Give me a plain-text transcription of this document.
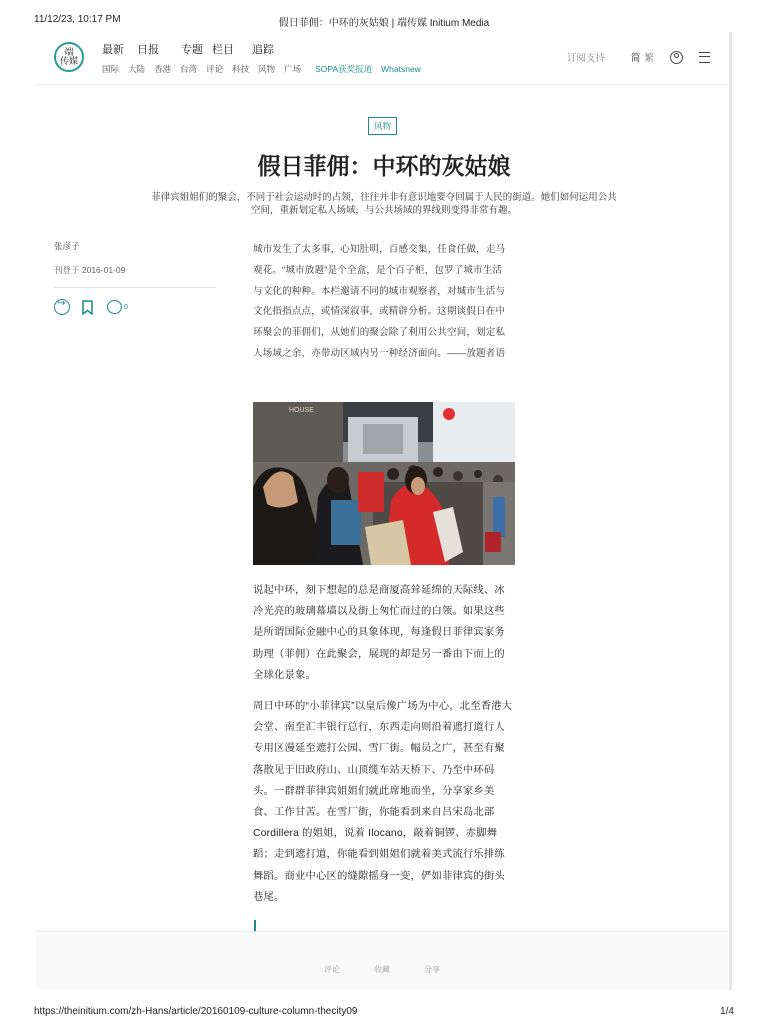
11/12/23, 10:17 PM	假日菲佣：中环的灰姑娘 | 端传媒 Initium Media
端
传媒
最新 日报 专题 栏目 追踪
国际 大陆 香港 台湾 评论 科技 风物 广场 SOPA获奖报道 Whatsnew
订阅支持	简 繁
风物
假日菲佣：中环的灰姑娘
菲律宾姐姐们的聚会，不同于社会运动时的占领，往往并非有意识地要夺回属于人民的街道。她们如何运用公共空间，重新划定私人场域，与公共场域的界线则变得非常有趣。
张彦子
刊登于 2016-01-09
↪
0
城市发生了太多事，心知肚明，百感交集，任食任做，走马观花。“城市放题”是个全盒，是个百子柜，包罗了城市生活与文化的种种。本栏邀请不同的城市观察者，对城市生活与文化指指点点，或情深叙事，或精辟分析。这期谈假日在中环聚会的菲佣们，从她们的聚会除了利用公共空间，划定私人场域之余，亦带动区域内另一种经济面向。——放题者语
HOUSE
说起中环，刻下想起的总是商厦高耸延绵的天际线、冰冷光亮的玻璃幕墙以及街上匆忙而过的白领。如果这些是所谓国际金融中心的具象体现，每逢假日菲律宾家务助理（菲佣）在此聚会，展现的却是另一番由下而上的全球化景象。
周日中环的“小菲律宾”以皇后像广场为中心，北至香港大会堂、南至汇丰银行总行，东西走向则沿着遮打道行人专用区漫延至遮打公园、雪厂街。幅员之广，甚至有聚落散见于旧政府山、山顶缆车站天桥下、乃至中环码头。一群群菲律宾姐姐们就此席地而坐，分享家乡美食、工作甘苦。在雪厂街，你能看到来自吕宋岛北部 Cordillera 的姐姐，说着 Ilocano，敲着铜锣、赤脚舞蹈；走到遮打道，你能看到姐姐们就着美式流行乐排练舞蹈。商业中心区的缝隙摇身一变，俨如菲律宾的街头巷尾。
评论	收藏	分享
https://theinitium.com/zh-Hans/article/20160109-culture-column-thecity09	1/4
